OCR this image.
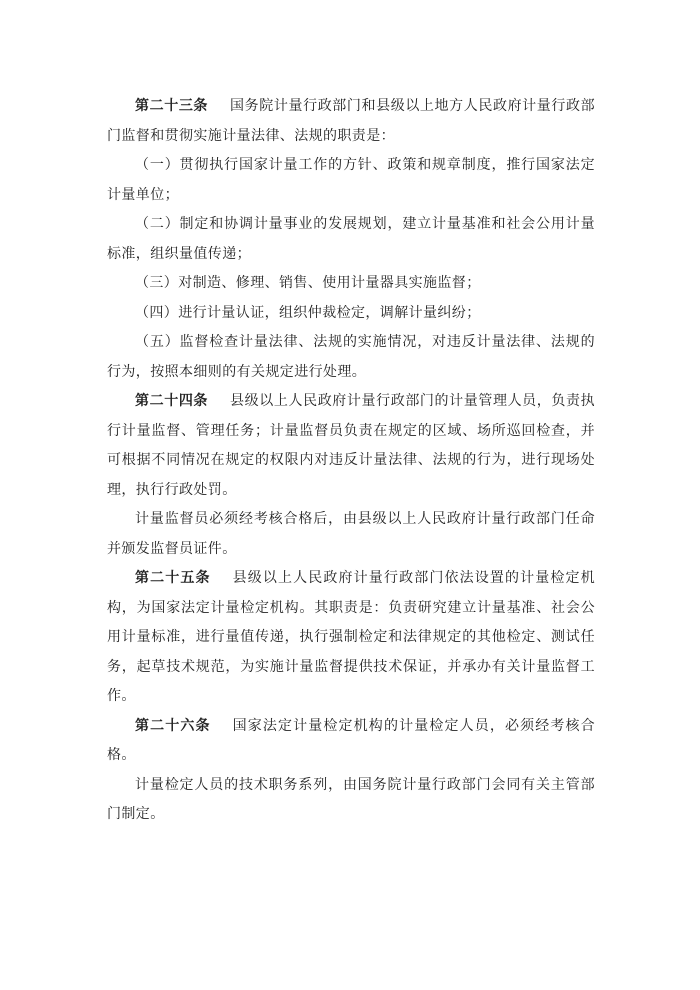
第二十三条 国务院计量行政部门和县级以上地方人民政府计量行政部门监督和贯彻实施计量法律、法规的职责是：

（一）贯彻执行国家计量工作的方针、政策和规章制度，推行国家法定计量单位；

（二）制定和协调计量事业的发展规划，建立计量基准和社会公用计量标准，组织量值传递；

（三）对制造、修理、销售、使用计量器具实施监督；

（四）进行计量认证，组织仲裁检定，调解计量纠纷；

（五）监督检查计量法律、法规的实施情况，对违反计量法律、法规的行为，按照本细则的有关规定进行处理。

第二十四条 县级以上人民政府计量行政部门的计量管理人员，负责执行计量监督、管理任务；计量监督员负责在规定的区域、场所巡回检查，并可根据不同情况在规定的权限内对违反计量法律、法规的行为，进行现场处理，执行行政处罚。

计量监督员必须经考核合格后，由县级以上人民政府计量行政部门任命并颁发监督员证件。

第二十五条 县级以上人民政府计量行政部门依法设置的计量检定机构，为国家法定计量检定机构。其职责是：负责研究建立计量基准、社会公用计量标准，进行量值传递，执行强制检定和法律规定的其他检定、测试任务，起草技术规范，为实施计量监督提供技术保证，并承办有关计量监督工作。

第二十六条 国家法定计量检定机构的计量检定人员，必须经考核合格。

计量检定人员的技术职务系列，由国务院计量行政部门会同有关主管部门制定。
